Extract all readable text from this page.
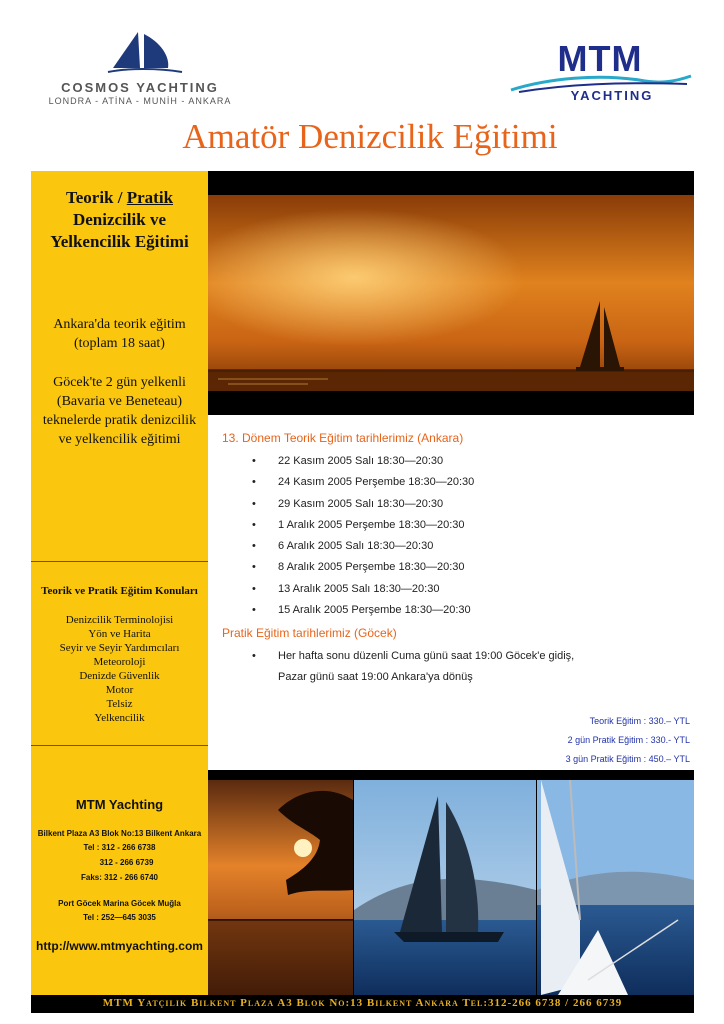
COSMOS YACHTING
LONDRA - ATİNA - MUNİH - ANKARA
MTM
YACHTING
Amatör Denizcilik Eğitimi
Teorik / Pratik
Denizcilik ve
Yelkencilik Eğitimi
Ankara'da teorik eğitim (toplam 18 saat)
Göcek'te 2 gün yelkenli (Bavaria ve Beneteau) teknelerde pratik denizcilik ve yelkencilik eğitimi
Teorik ve Pratik Eğitim Konuları
Denizcilik Terminolojisi
Yön ve Harita
Seyir ve Seyir Yardımcıları
Meteoroloji
Denizde Güvenlik
Motor
Telsiz
Yelkencilik
MTM Yachting
Bilkent Plaza A3 Blok No:13 Bilkent Ankara
Tel : 312 - 266 6738
312 - 266 6739
Faks: 312 - 266 6740
Port Göcek Marina Göcek Muğla
Tel : 252—645 3035
http://www.mtmyachting.com
13. Dönem Teorik Eğitim tarihlerimiz (Ankara)
• 22 Kasım 2005 Salı 18:30—20:30
• 24 Kasım 2005 Perşembe 18:30—20:30
• 29 Kasım 2005 Salı 18:30—20:30
• 1 Aralık 2005 Perşembe 18:30—20:30
• 6 Aralık 2005 Salı 18:30—20:30
• 8 Aralık 2005 Perşembe 18:30—20:30
• 13 Aralık 2005 Salı 18:30—20:30
• 15 Aralık 2005 Perşembe 18:30—20:30
Pratik Eğitim tarihlerimiz (Göcek)
• Her hafta sonu düzenli Cuma günü saat 19:00 Göcek'e gidiş,
Pazar günü saat 19:00 Ankara'ya dönüş
Teorik Eğitim : 330.– YTL
2 gün Pratik Eğitim : 330.- YTL
3 gün Pratik Eğitim : 450.– YTL
MTM Yatçılık Bilkent Plaza A3 Blok No:13 Bilkent Ankara Tel:312-266 6738 / 266 6739
